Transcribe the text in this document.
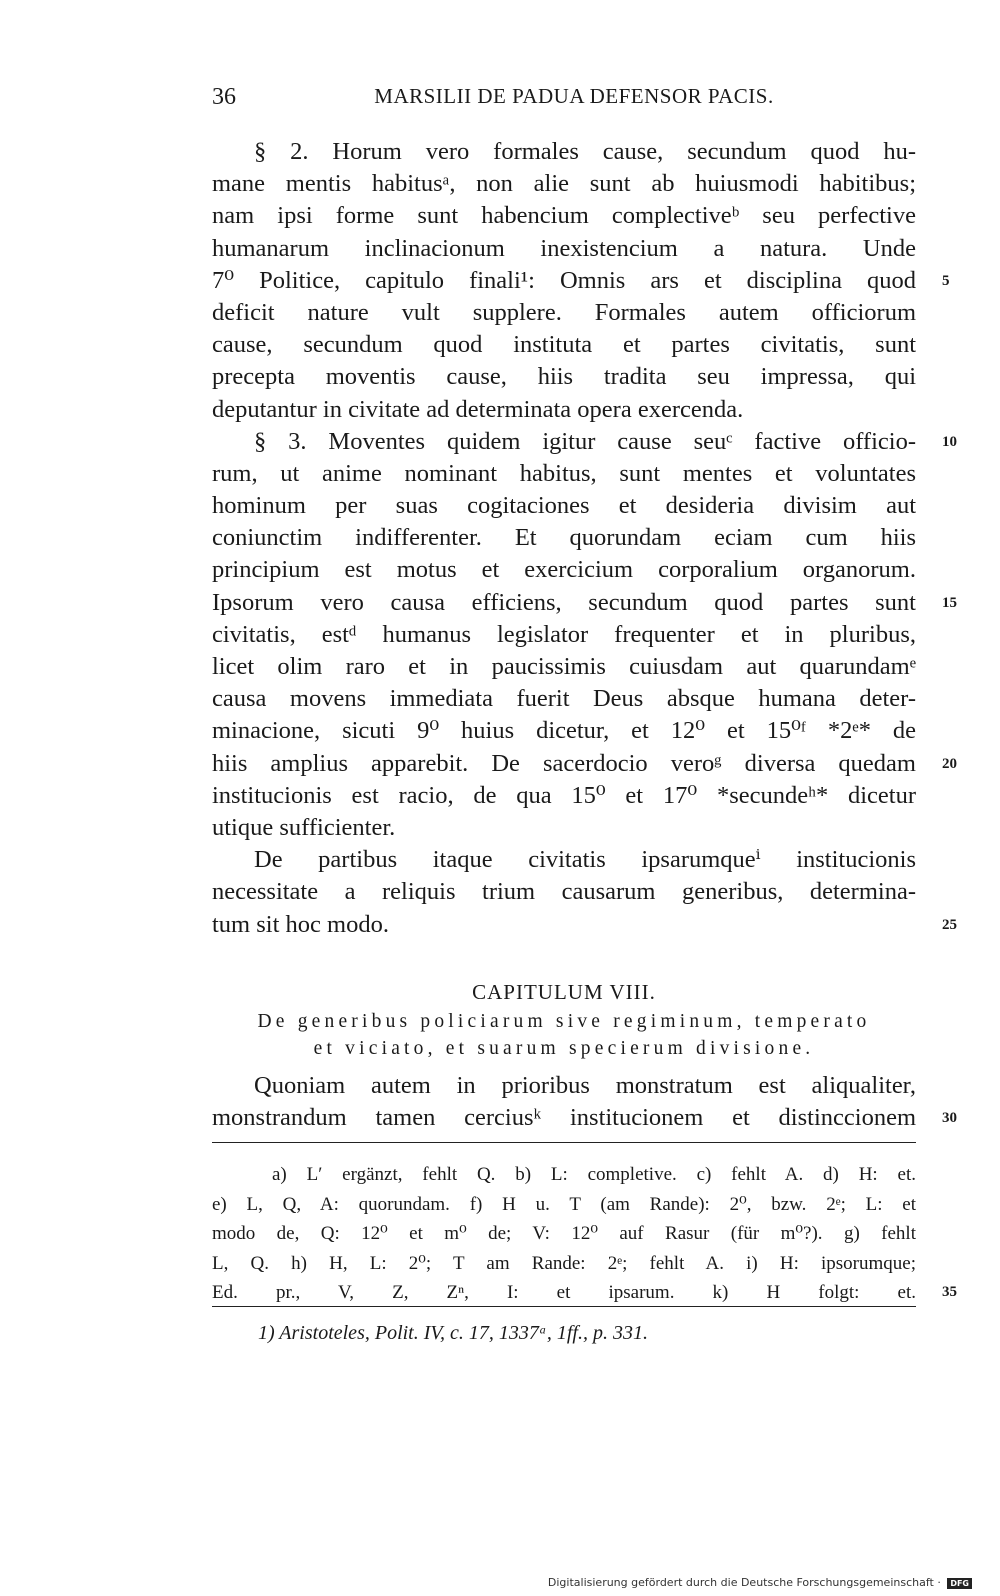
36	MARSILII DE PADUA DEFENSOR PACIS.
§ 2. Horum vero formales cause, secundum quod hu-
mane mentis habitusᵃ, non alie sunt ab huiusmodi habitibus;
nam ipsi forme sunt habencium complectiveᵇ seu perfective
humanarum inclinacionum inexistencium a natura. Unde
7⁰ Politice, capitulo finali¹: Omnis ars et disciplina quod 5
deficit nature vult supplere. Formales autem officiorum
cause, secundum quod instituta et partes civitatis, sunt
precepta moventis cause, hiis tradita seu impressa, qui
deputantur in civitate ad determinata opera exercenda.
§ 3. Moventes quidem igitur cause seuᶜ factive officio- 10
rum, ut anime nominant habitus, sunt mentes et voluntates
hominum per suas cogitaciones et desideria divisim aut
coniunctim indifferenter. Et quorundam eciam cum hiis
principium est motus et exercicium corporalium organorum.
Ipsorum vero causa efficiens, secundum quod partes sunt 15
civitatis, estᵈ humanus legislator frequenter et in pluribus,
licet olim raro et in paucissimis cuiusdam aut quarundamᵉ
causa movens immediata fuerit Deus absque humana deter-
minacione, sicuti 9⁰ huius dicetur, et 12⁰ et 15⁰ᶠ *2ᵉ* de
hiis amplius apparebit. De sacerdocio veroᵍ diversa quedam 20
institucionis est racio, de qua 15⁰ et 17⁰ *secundeʰ* dicetur
utique sufficienter.
De partibus itaque civitatis ipsarumqueⁱ institucionis
necessitate a reliquis trium causarum generibus, determina-
tum sit hoc modo.	25
CAPITULUM VIII.
De generibus policiarum sive regiminum, temperato
et viciato, et suarum specierum divisione.
Quoniam autem in prioribus monstratum est aliqualiter,
monstrandum tamen cerciusᵏ institucionem et distinccionem 30
a) L′ ergänzt, fehlt Q. b) L: completive. c) fehlt A. d) H: et.
e) L, Q, A: quorundam. f) H u. T (am Rande): 2⁰, bzw. 2ᵉ; L: et
modo de, Q: 12⁰ et m⁰ de; V: 12⁰ auf Rasur (für m⁰?). g) fehlt
L, Q. h) H, L: 2⁰; T am Rande: 2ᵉ; fehlt A. i) H: ipsorumque;
Ed. pr., V, Z, Zⁿ, I: et ipsarum. k) H folgt: et. 35
1) Aristoteles, Polit. IV, c. 17, 1337ᵃ, 1ff., p. 331.
Digitalisierung gefördert durch die Deutsche Forschungsgemeinschaft · DFG
